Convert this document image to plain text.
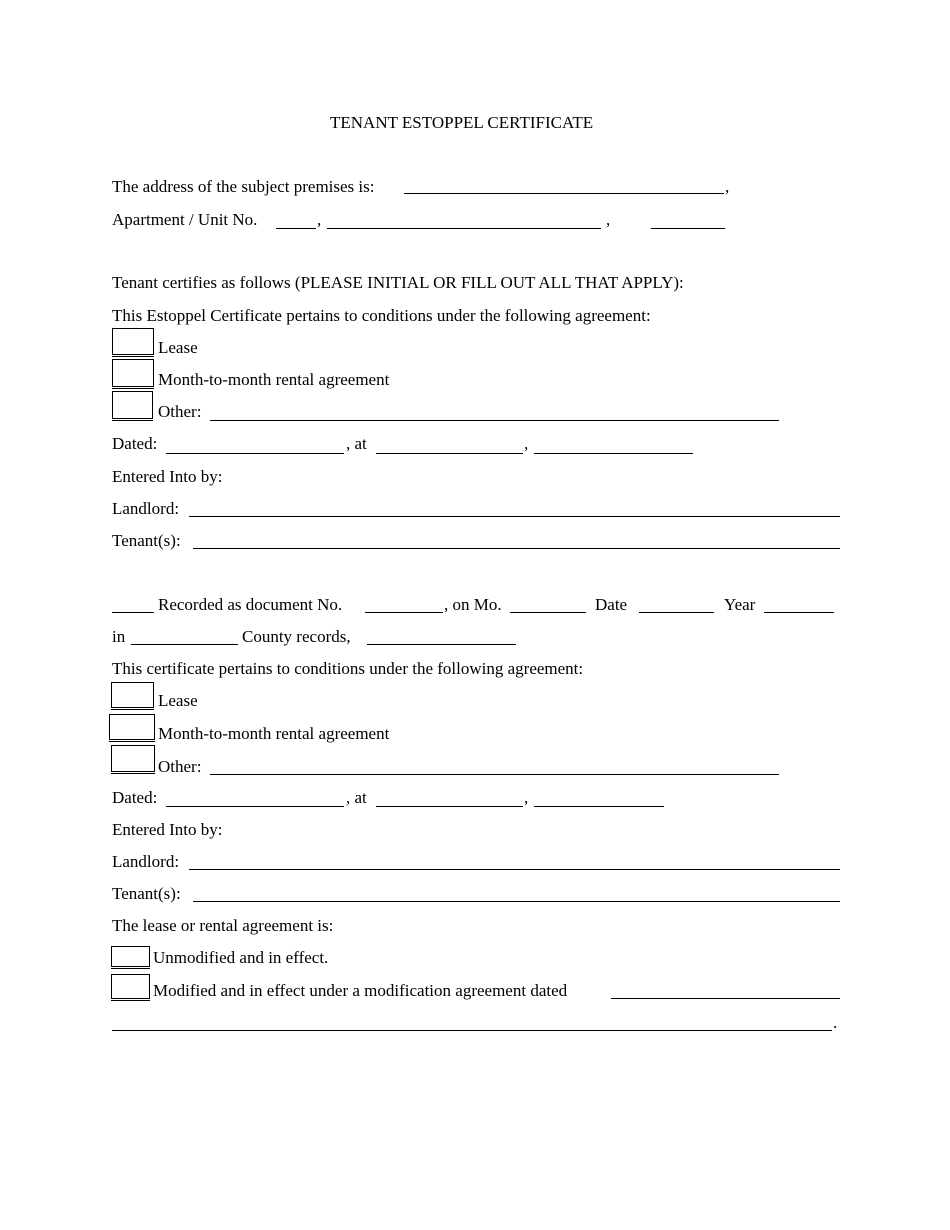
TENANT ESTOPPEL CERTIFICATE
The address of the subject premises is:	,
Apartment / Unit No.	,	,
Tenant certifies as follows (PLEASE INITIAL OR FILL OUT ALL THAT APPLY):
This Estoppel Certificate pertains to conditions under the following agreement:
Lease
Month-to-month rental agreement
Other:
Dated:	, at	,
Entered Into by:
Landlord:
Tenant(s):
Recorded as document No.	, on Mo.	Date	Year
in	County records,
This certificate pertains to conditions under the following agreement:
Lease
Month-to-month rental agreement
Other:
Dated:	, at	,
Entered Into by:
Landlord:
Tenant(s):
The lease or rental agreement is:
Unmodified and in effect.
Modified and in effect under a modification agreement dated
.
